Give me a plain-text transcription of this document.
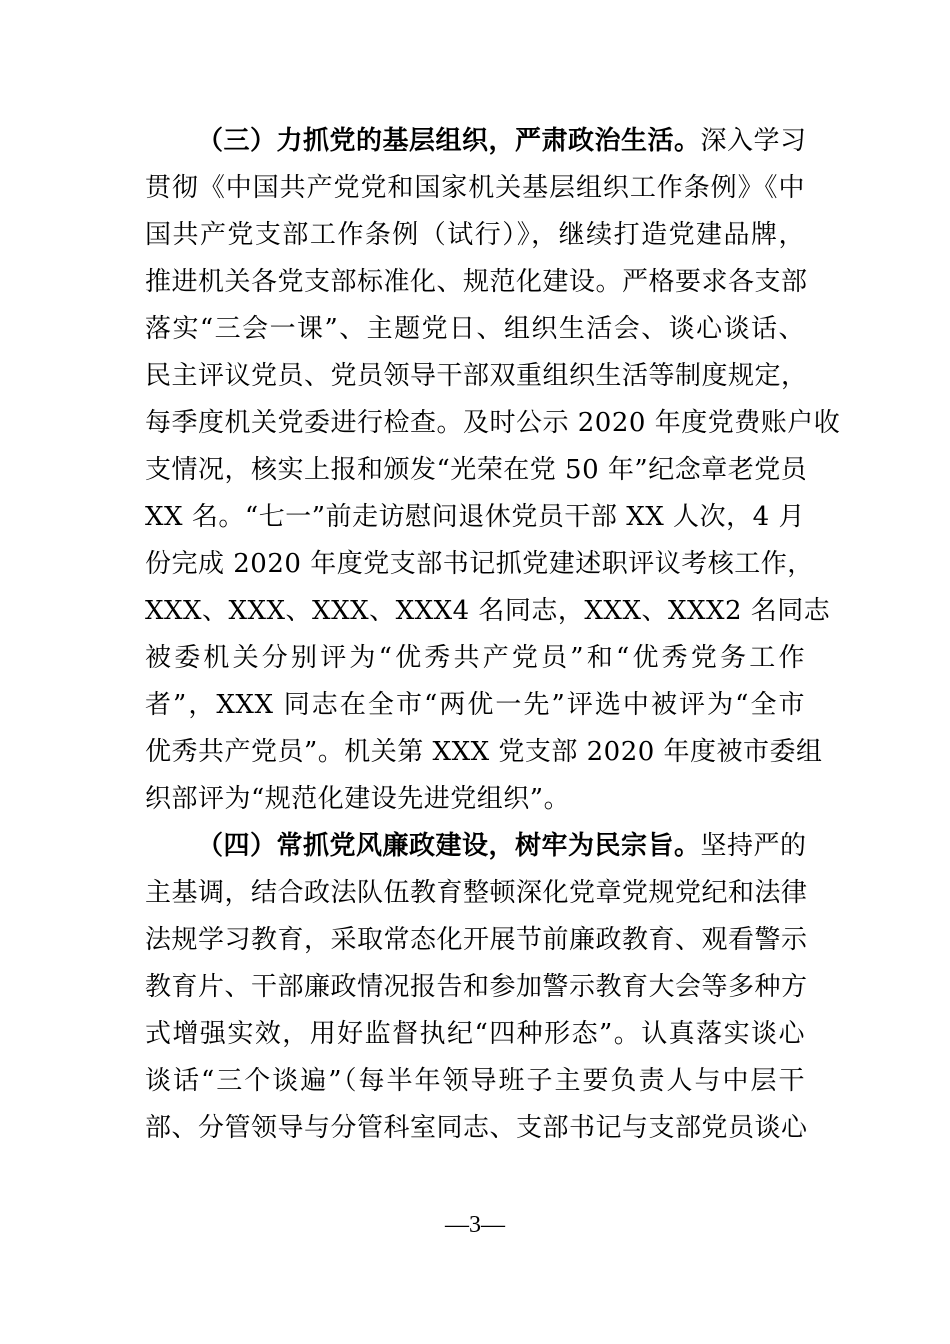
（三）力抓党的基层组织，严肃政治生活。深入学习
贯彻《中国共产党党和国家机关基层组织工作条例》《中
国共产党支部工作条例（试行）》，继续打造党建品牌，
推进机关各党支部标准化、规范化建设。严格要求各支部
落实“三会一课”、主题党日、组织生活会、谈心谈话、
民主评议党员、党员领导干部双重组织生活等制度规定，
每季度机关党委进行检查。及时公示 2020 年度党费账户收
支情况，核实上报和颁发“光荣在党 50 年”纪念章老党员
XX 名。“七一”前走访慰问退休党员干部 XX 人次，4 月
份完成 2020 年度党支部书记抓党建述职评议考核工作，
XXX、XXX、XXX、XXX4 名同志，XXX、XXX2 名同志
被委机关分别评为“优秀共产党员”和“优秀党务工作
者”，XXX 同志在全市“两优一先”评选中被评为“全市
优秀共产党员”。机关第 XXX 党支部 2020 年度被市委组
织部评为“规范化建设先进党组织”。
（四）常抓党风廉政建设，树牢为民宗旨。坚持严的
主基调，结合政法队伍教育整顿深化党章党规党纪和法律
法规学习教育，采取常态化开展节前廉政教育、观看警示
教育片、干部廉政情况报告和参加警示教育大会等多种方
式增强实效，用好监督执纪“四种形态”。认真落实谈心
谈话“三个谈遍”（每半年领导班子主要负责人与中层干
部、分管领导与分管科室同志、支部书记与支部党员谈心
—3—
